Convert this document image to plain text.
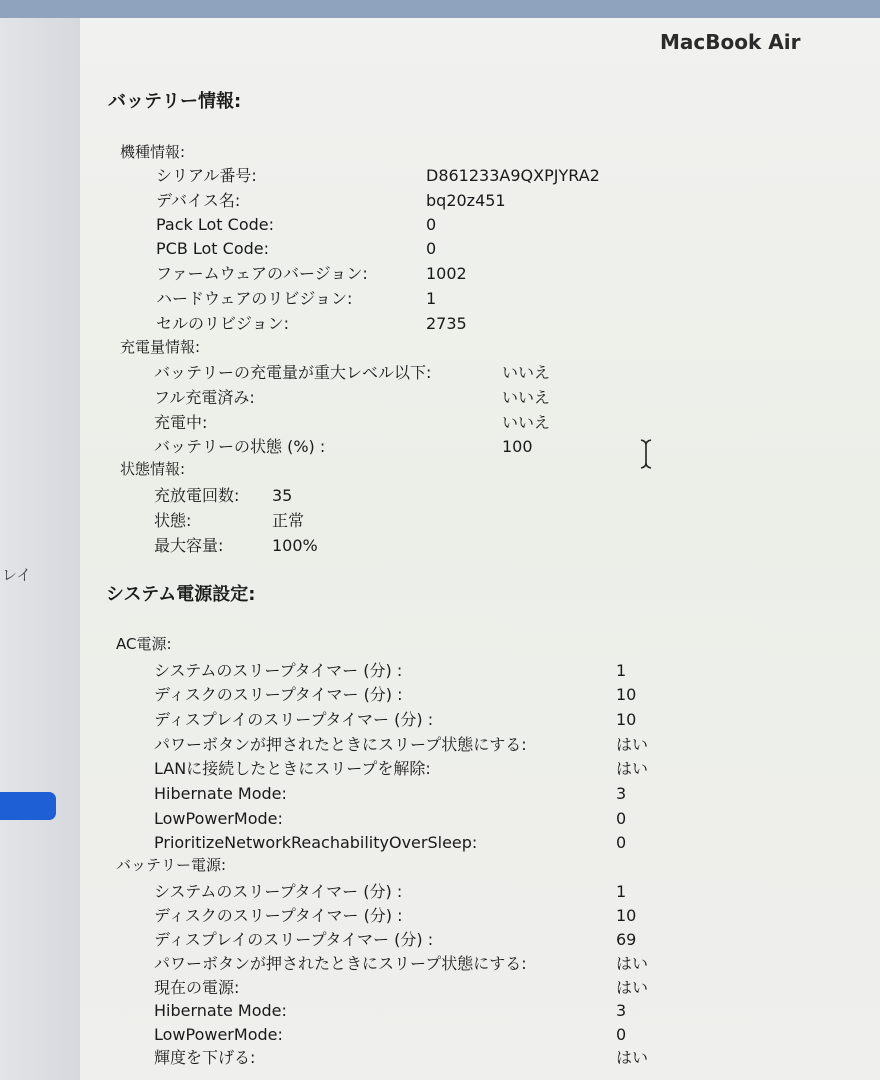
レイ
MacBook Air
バッテリー情報:
機種情報:
シリアル番号:	D861233A9QXPJYRA2
デバイス名:	bq20z451
Pack Lot Code:	0
PCB Lot Code:	0
ファームウェアのバージョン:	1002
ハードウェアのリビジョン:	1
セルのリビジョン:	2735
充電量情報:
バッテリーの充電量が重大レベル以下:	いいえ
フル充電済み:	いいえ
充電中:	いいえ
バッテリーの状態 (%) :	100
状態情報:
充放電回数: 35
状態:	正常
最大容量:	100%
システム電源設定:
AC電源:
システムのスリープタイマー (分) :	1
ディスクのスリープタイマー (分) :	10
ディスプレイのスリープタイマー (分) :	10
パワーボタンが押されたときにスリープ状態にする:	はい
LANに接続したときにスリープを解除:	はい
Hibernate Mode:	3
LowPowerMode:	0
PrioritizeNetworkReachabilityOverSleep:	0
バッテリー電源:
システムのスリープタイマー (分) :	1
ディスクのスリープタイマー (分) :	10
ディスプレイのスリープタイマー (分) :	69
パワーボタンが押されたときにスリープ状態にする:	はい
現在の電源:	はい
Hibernate Mode:	3
LowPowerMode:	0
輝度を下げる:	はい
